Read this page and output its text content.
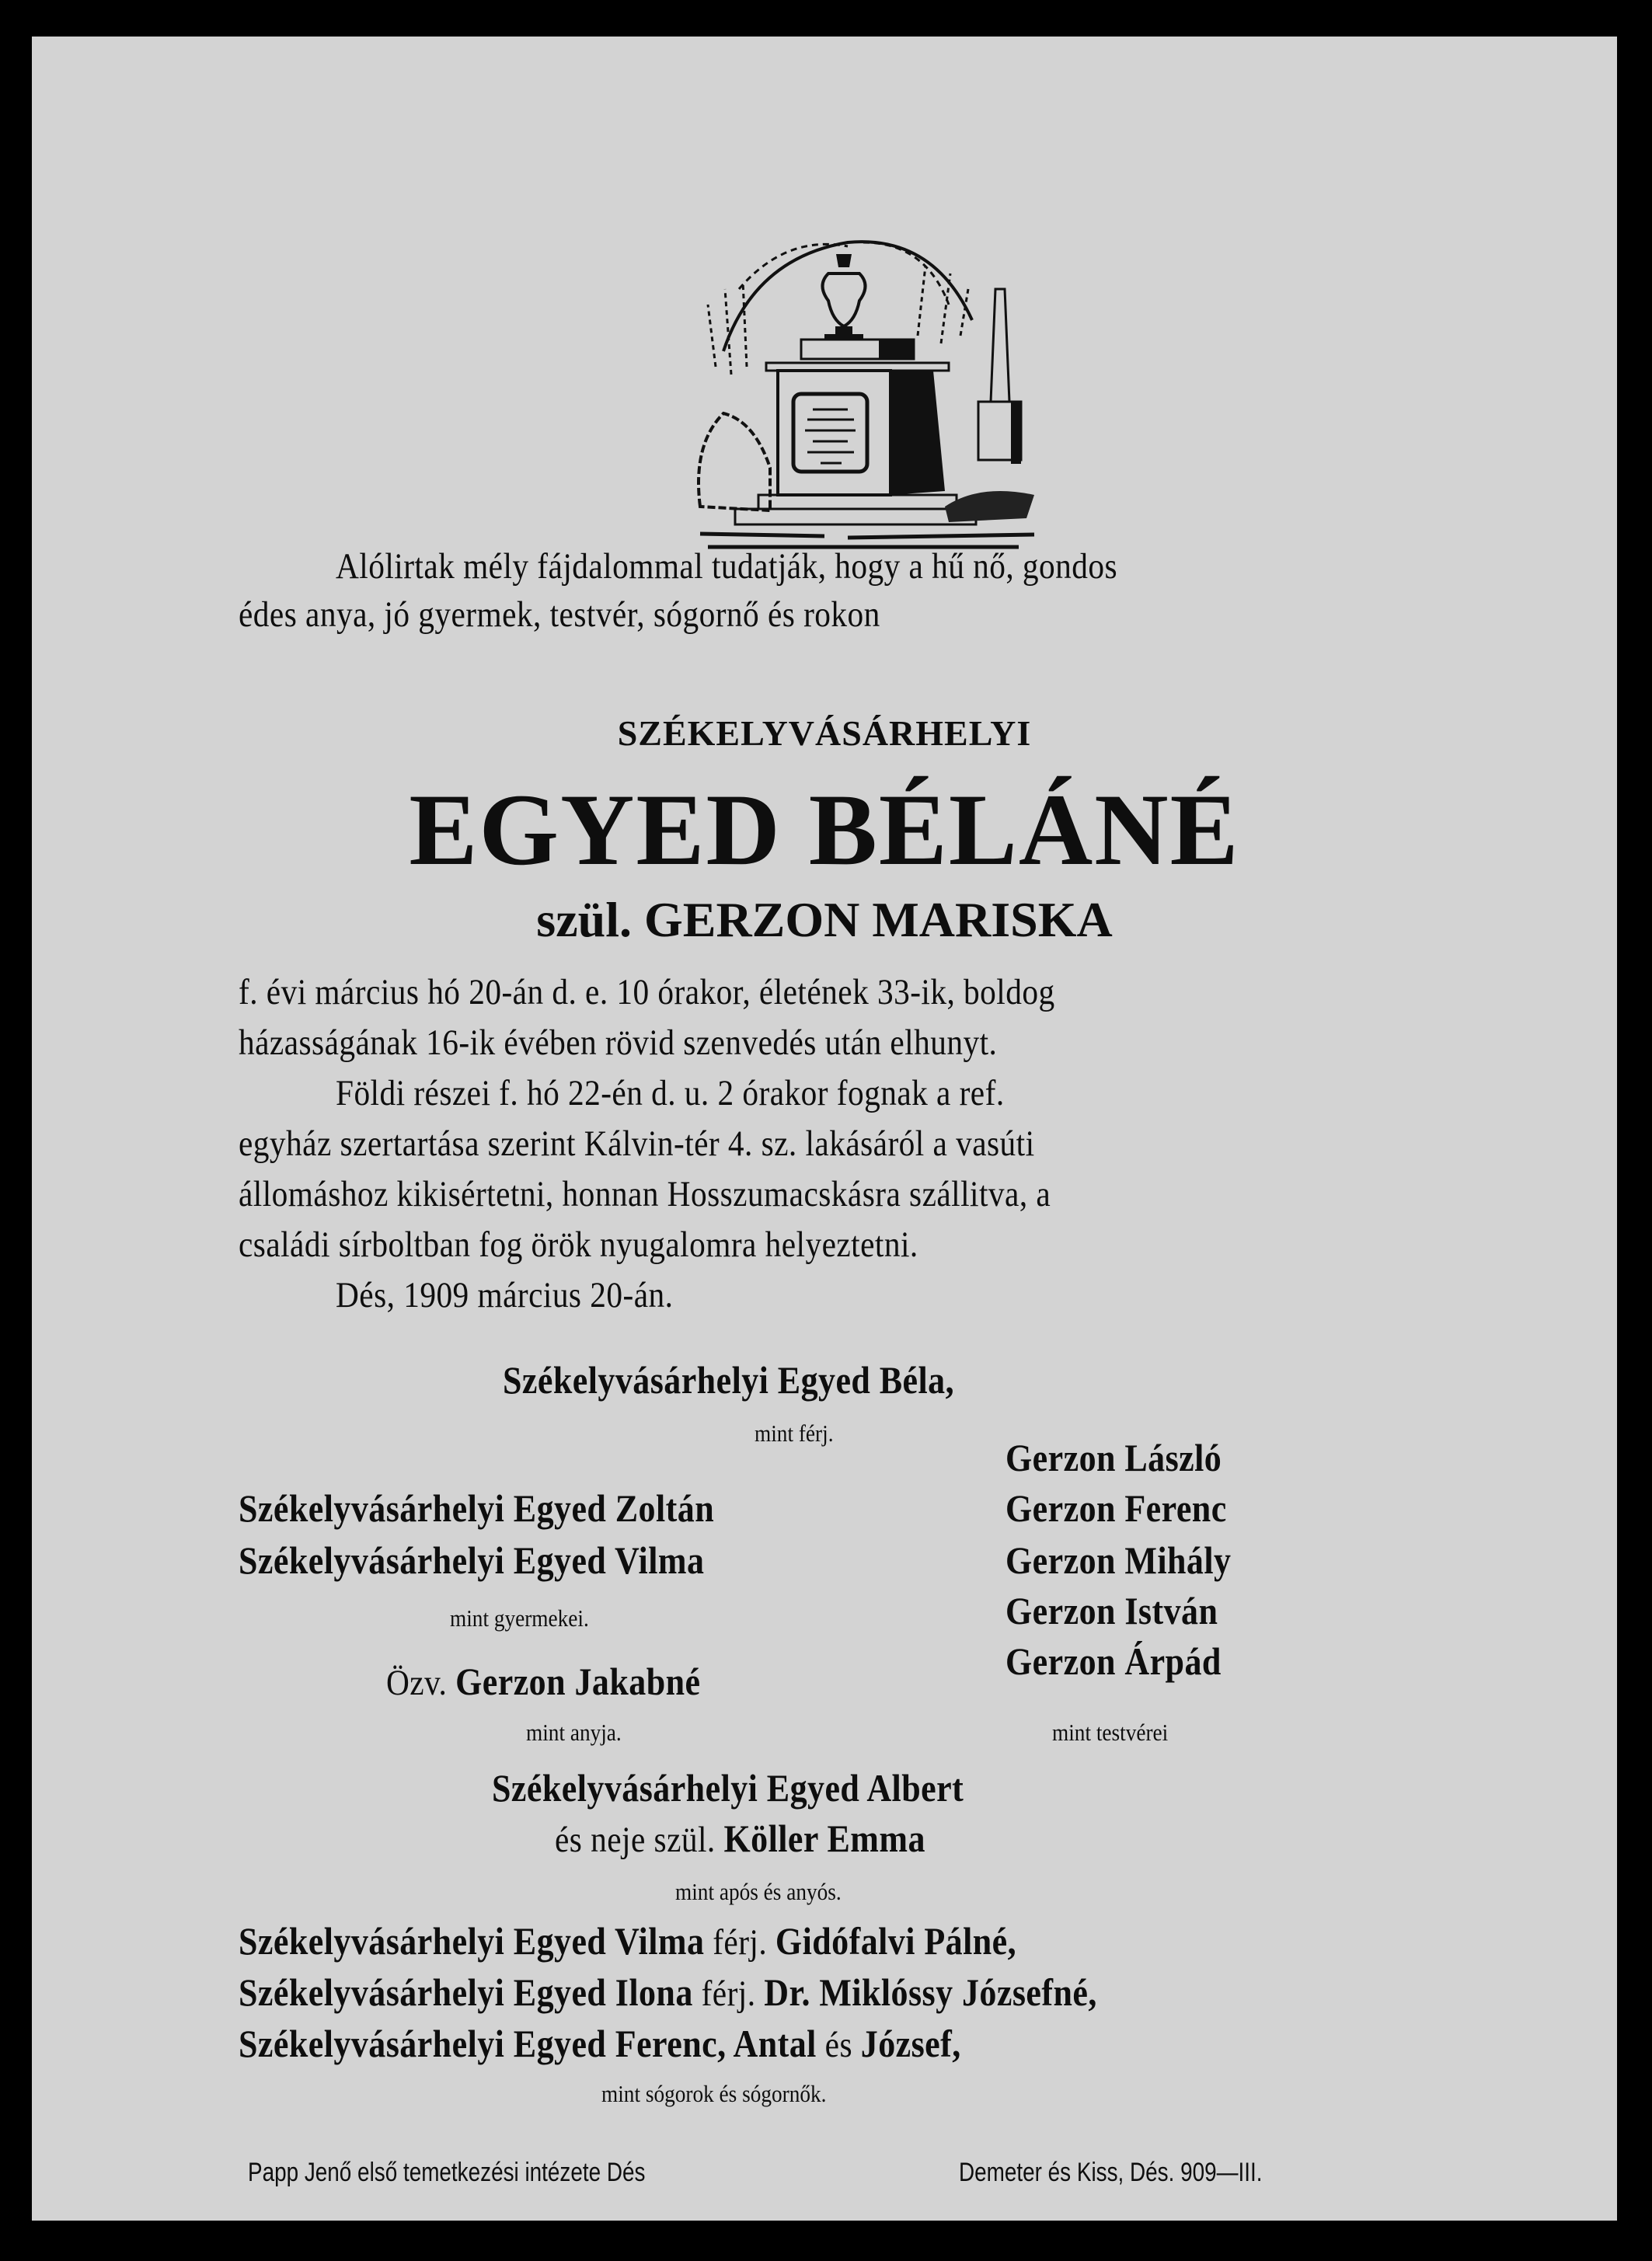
Alólirtak mély fájdalommal tudatják, hogy a hű nő, gondos
édes anya, jó gyermek, testvér, sógornő és rokon
SZÉKELYVÁSÁRHELYI
EGYED BÉLÁNÉ
szül. GERZON MARISKA
f. évi március hó 20-án d. e. 10 órakor, életének 33-ik, boldog
házasságának 16-ik évében rövid szenvedés után elhunyt.
Földi részei f. hó 22-én d. u. 2 órakor fognak a ref.
egyház szertartása szerint Kálvin-tér 4. sz. lakásáról a vasúti
állomáshoz kikisértetni, honnan Hosszumacskásra szállitva, a
családi sírboltban fog örök nyugalomra helyeztetni.
Dés, 1909 március 20-án.
Székelyvásárhelyi Egyed Béla,
mint férj.
Székelyvásárhelyi Egyed Zoltán
Székelyvásárhelyi Egyed Vilma
mint gyermekei.
Özv. Gerzon Jakabné
mint anyja.
Gerzon László
Gerzon Ferenc
Gerzon Mihály
Gerzon István
Gerzon Árpád
mint testvérei
Székelyvásárhelyi Egyed Albert
és neje szül. Köller Emma
mint após és anyós.
Székelyvásárhelyi Egyed Vilma férj. Gidófalvi Pálné,
Székelyvásárhelyi Egyed Ilona férj. Dr. Miklóssy Józsefné,
Székelyvásárhelyi Egyed Ferenc, Antal és József,
mint sógorok és sógornők.
Papp Jenő első temetkezési intézete Dés	Demeter és Kiss, Dés. 909—III.
